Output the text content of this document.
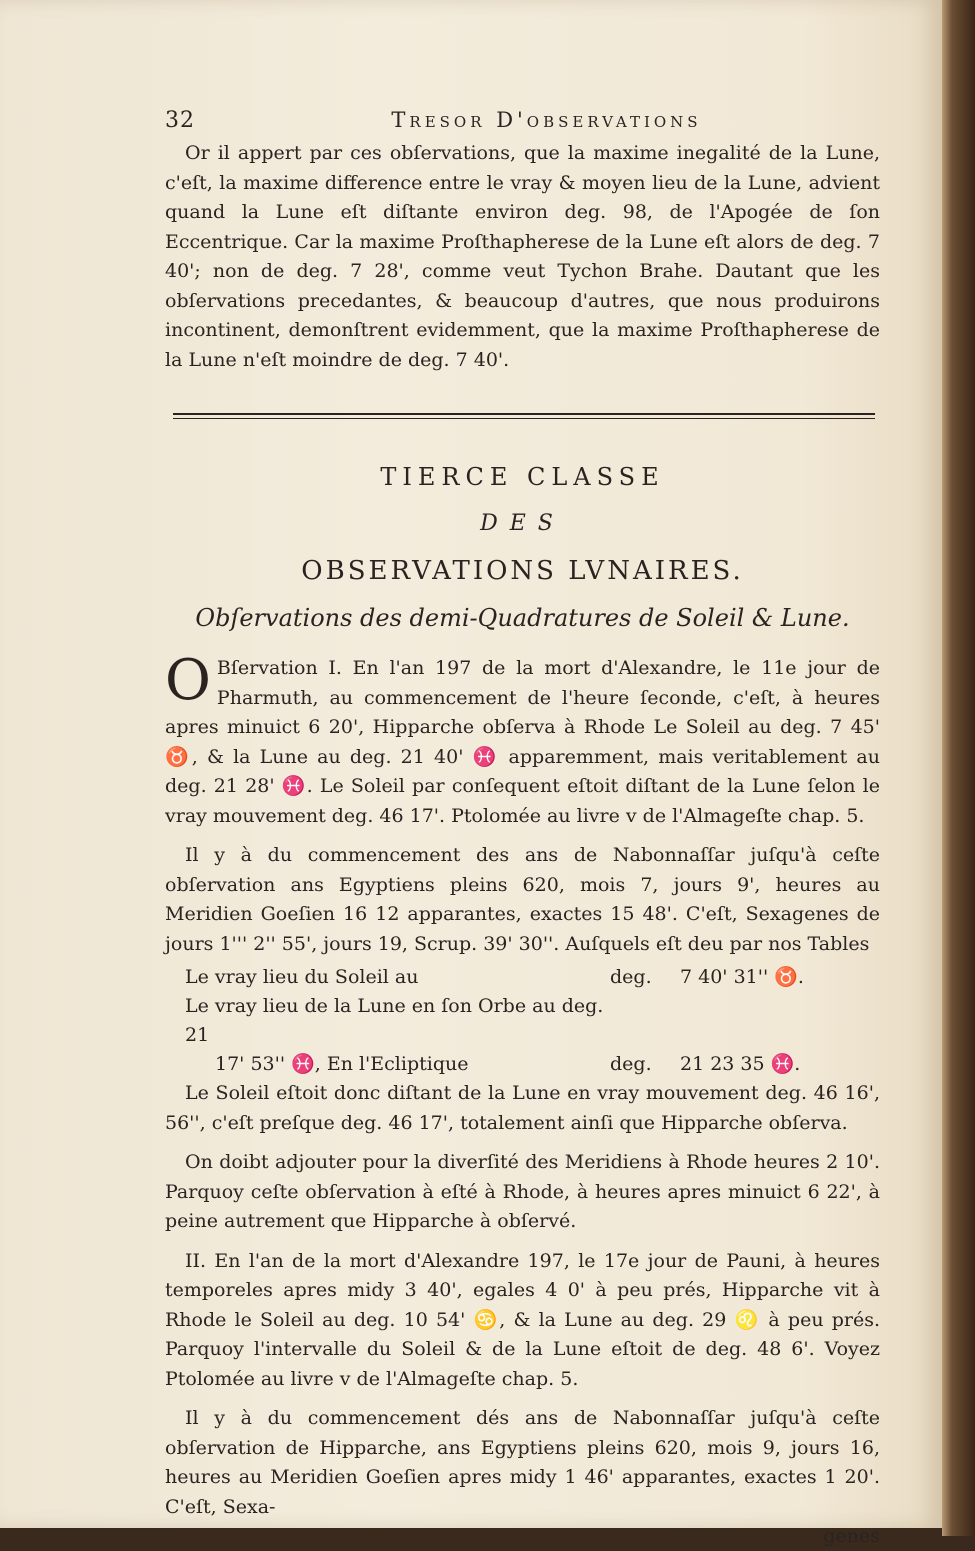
32	Tresor D'observations

Or il appert par ces obſervations, que la maxime inegalité de la Lune, c'eſt, la maxime difference entre le vray & moyen lieu de la Lune, advient quand la Lune eſt diſtante environ deg. 98, de l'Apogée de ſon Eccentrique. Car la maxime Proſthapherese de la Lune eſt alors de deg. 7 40'; non de deg. 7 28', comme veut Tychon Brahe. Dautant que les obſervations precedantes, & beaucoup d'autres, que nous produirons incontinent, demonſtrent evidemment, que la maxime Proſthapherese de la Lune n'eſt moindre de deg. 7 40'.

TIERCE CLASSE
DES
OBSERVATIONS LVNAIRES.
Obſervations des demi-Quadratures de Soleil & Lune.

O Bſervation I. En l'an 197 de la mort d'Alexandre, le 11e jour de Pharmuth, au commencement de l'heure ſeconde, c'eſt, à heures apres minuict 6 20', Hipparche obſerva à Rhode Le Soleil au deg. 7 45' ♉, & la Lune au deg. 21 40' ♓ apparemment, mais veritablement au deg. 21 28' ♓. Le Soleil par conſequent eſtoit diſtant de la Lune ſelon le vray mouvement deg. 46 17'. Ptolomée au livre v de l'Almageſte chap. 5.

Il y à du commencement des ans de Nabonnaſſar juſqu'à ceſte obſervation ans Egyptiens pleins 620, mois 7, jours 9', heures au Meridien Goeſien 16 12 apparantes, exactes 15 48'. C'eſt, Sexagenes de jours 1''' 2'' 55', jours 19, Scrup. 39' 30''. Auſquels eſt deu par nos Tables

Le vray lieu du Soleil au	deg.	7 40' 31'' ♉.
Le vray lieu de la Lune en ſon Orbe au deg. 21
17' 53'' ♓, En l'Ecliptique	deg.	21 23 35 ♓.

Le Soleil eſtoit donc diſtant de la Lune en vray mouvement deg. 46 16', 56'', c'eſt preſque deg. 46 17', totalement ainſi que Hipparche obſerva.

On doibt adjouter pour la diverſité des Meridiens à Rhode heures 2 10'. Parquoy ceſte obſervation à eſté à Rhode, à heures apres minuict 6 22', à peine autrement que Hipparche à obſervé.

II. En l'an de la mort d'Alexandre 197, le 17e jour de Pauni, à heures temporeles apres midy 3 40', egales 4 0' à peu prés, Hipparche vit à Rhode le Soleil au deg. 10 54' ♋, & la Lune au deg. 29 ♌ à peu prés. Parquoy l'intervalle du Soleil & de la Lune eſtoit de deg. 48 6'. Voyez Ptolomée au livre v de l'Almageſte chap. 5.

Il y à du commencement dés ans de Nabonnaſſar juſqu'à ceſte obſervation de Hipparche, ans Egyptiens pleins 620, mois 9, jours 16, heures au Meridien Goeſien apres midy 1 46' apparantes, exactes 1 20'. C'eſt, Sexa-

genes
